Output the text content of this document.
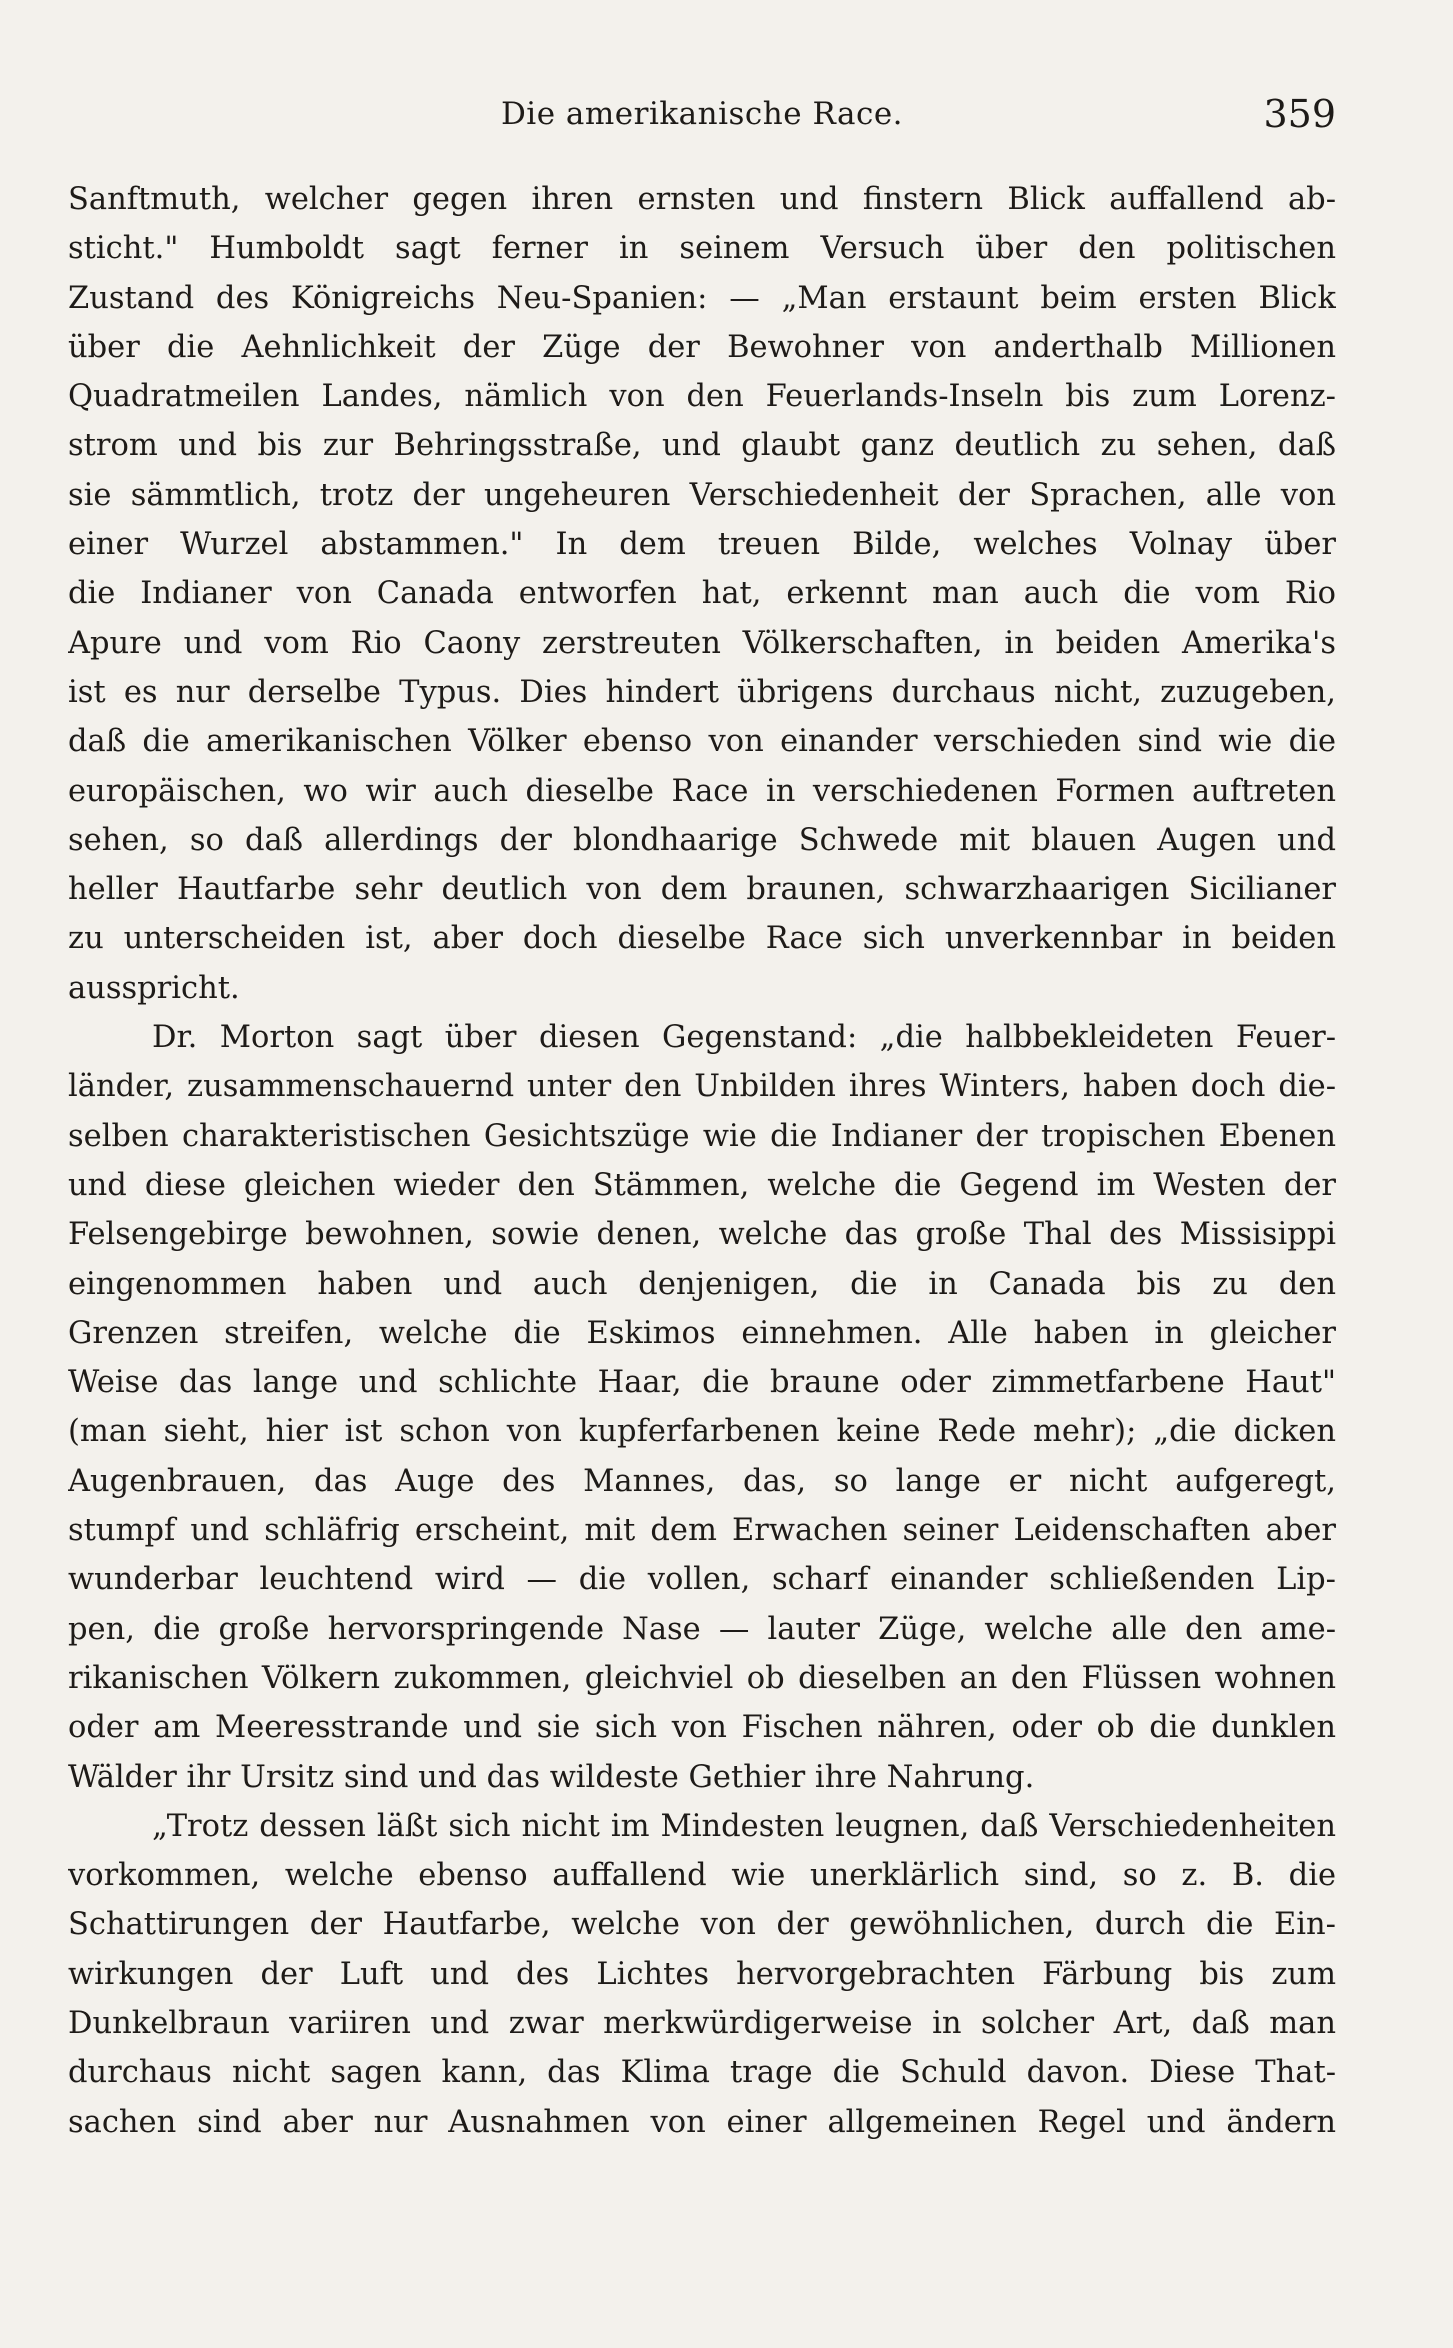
Die amerikanische Race.	359
Sanftmuth, welcher gegen ihren ernsten und finstern Blick auffallend ab-
sticht." Humboldt sagt ferner in seinem Versuch über den politischen
Zustand des Königreichs Neu-Spanien: — „Man erstaunt beim ersten Blick
über die Aehnlichkeit der Züge der Bewohner von anderthalb Millionen
Quadratmeilen Landes, nämlich von den Feuerlands-Inseln bis zum Lorenz-
strom und bis zur Behringsstraße, und glaubt ganz deutlich zu sehen, daß
sie sämmtlich, trotz der ungeheuren Verschiedenheit der Sprachen, alle von
einer Wurzel abstammen." In dem treuen Bilde, welches Volnay über
die Indianer von Canada entworfen hat, erkennt man auch die vom Rio
Apure und vom Rio Caony zerstreuten Völkerschaften, in beiden Amerika's
ist es nur derselbe Typus. Dies hindert übrigens durchaus nicht, zuzugeben,
daß die amerikanischen Völker ebenso von einander verschieden sind wie die
europäischen, wo wir auch dieselbe Race in verschiedenen Formen auftreten
sehen, so daß allerdings der blondhaarige Schwede mit blauen Augen und
heller Hautfarbe sehr deutlich von dem braunen, schwarzhaarigen Sicilianer
zu unterscheiden ist, aber doch dieselbe Race sich unverkennbar in beiden
ausspricht.
Dr. Morton sagt über diesen Gegenstand: „die halbbekleideten Feuer-
länder, zusammenschauernd unter den Unbilden ihres Winters, haben doch die-
selben charakteristischen Gesichtszüge wie die Indianer der tropischen Ebenen
und diese gleichen wieder den Stämmen, welche die Gegend im Westen der
Felsengebirge bewohnen, sowie denen, welche das große Thal des Missisippi
eingenommen haben und auch denjenigen, die in Canada bis zu den
Grenzen streifen, welche die Eskimos einnehmen. Alle haben in gleicher
Weise das lange und schlichte Haar, die braune oder zimmetfarbene Haut"
(man sieht, hier ist schon von kupferfarbenen keine Rede mehr); „die dicken
Augenbrauen, das Auge des Mannes, das, so lange er nicht aufgeregt,
stumpf und schläfrig erscheint, mit dem Erwachen seiner Leidenschaften aber
wunderbar leuchtend wird — die vollen, scharf einander schließenden Lip-
pen, die große hervorspringende Nase — lauter Züge, welche alle den ame-
rikanischen Völkern zukommen, gleichviel ob dieselben an den Flüssen wohnen
oder am Meeresstrande und sie sich von Fischen nähren, oder ob die dunklen
Wälder ihr Ursitz sind und das wildeste Gethier ihre Nahrung.
„Trotz dessen läßt sich nicht im Mindesten leugnen, daß Verschiedenheiten
vorkommen, welche ebenso auffallend wie unerklärlich sind, so z. B. die
Schattirungen der Hautfarbe, welche von der gewöhnlichen, durch die Ein-
wirkungen der Luft und des Lichtes hervorgebrachten Färbung bis zum
Dunkelbraun variiren und zwar merkwürdigerweise in solcher Art, daß man
durchaus nicht sagen kann, das Klima trage die Schuld davon. Diese That-
sachen sind aber nur Ausnahmen von einer allgemeinen Regel und ändern
